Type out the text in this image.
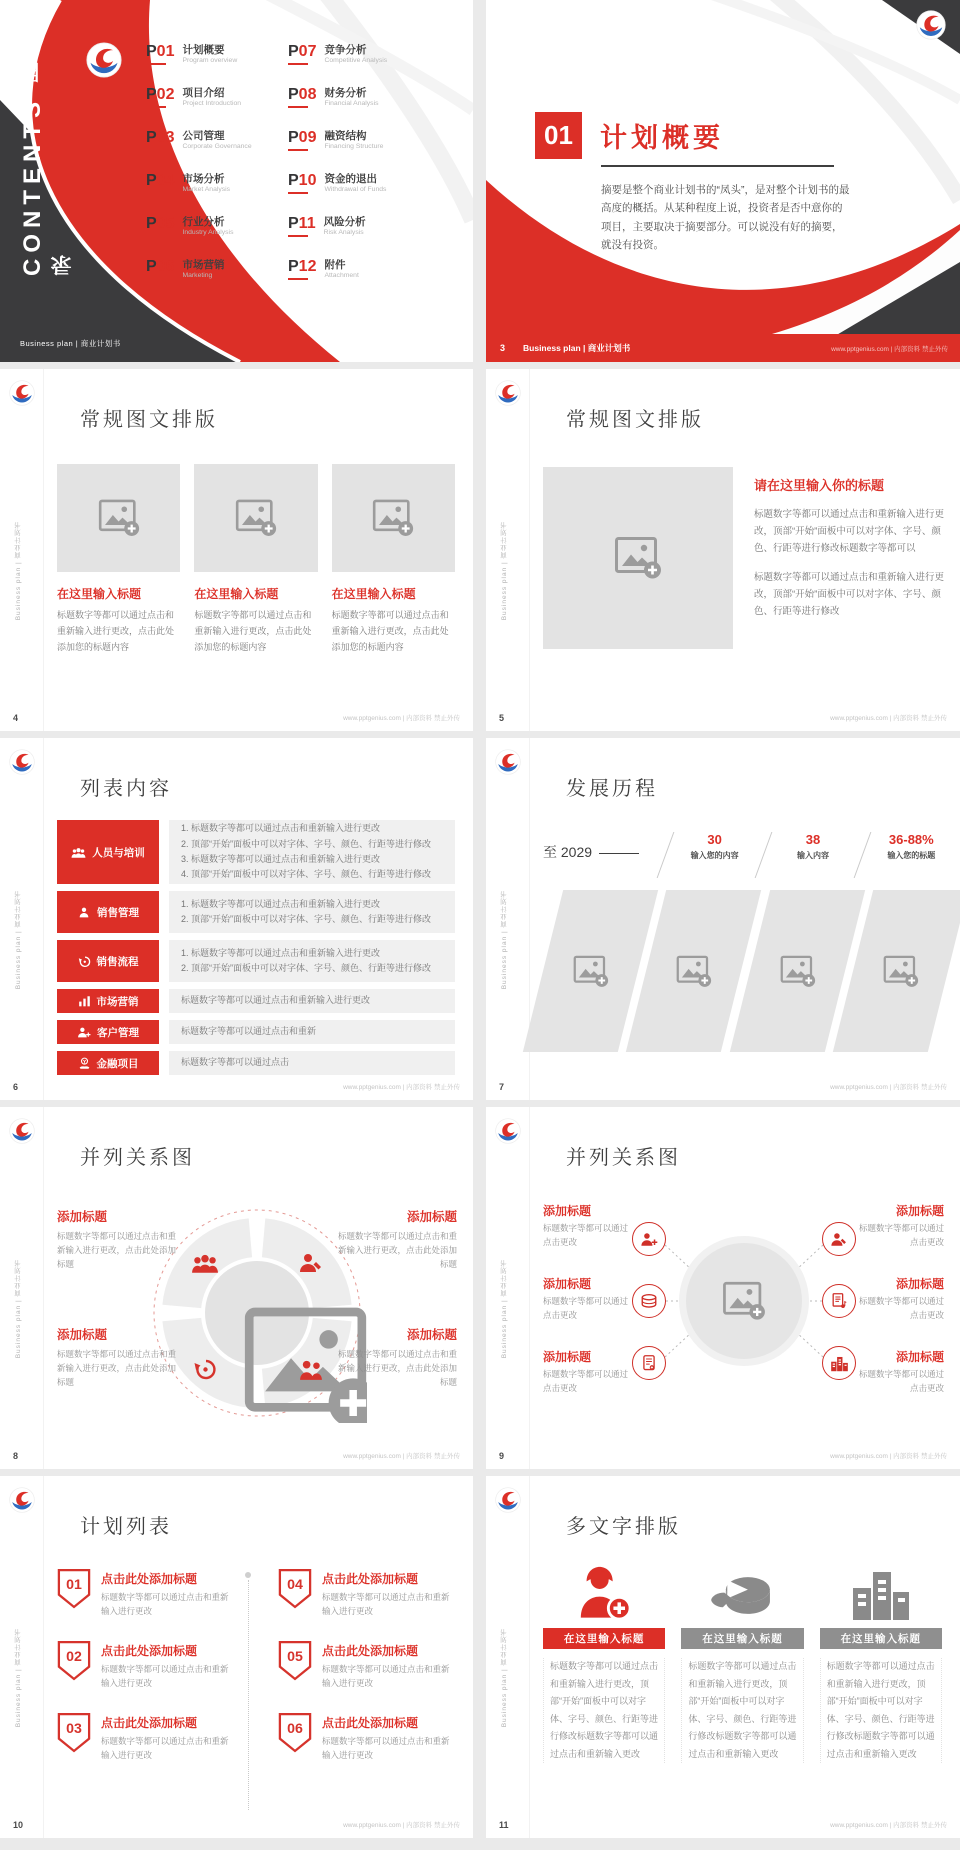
CONTENTS 目录
P01 计划概要
Program overview
P02 项目介绍
Project Introduction
P03 公司管理
Corporate Governance
P04 市场分析
Market Analysis
P05 行业分析
Industry Analysis
P06 市场营销
Marketing
P07 竞争分析
Competitive Analysis
P08 财务分析
Financial Analysis
P09 融资结构
Financing Structure
P10 资金的退出
Withdrawal of Funds
P11 风险分析
Risk Analysis
P12 附件
Attachment
Business plan | 商业计划书
01	计划概要
摘要是整个商业计划书的“凤头”，是对整个计划书的最高度的概括。从某种程度上说，投资者是否中意你的项目，主要取决于摘要部分。可以说没有好的摘要，就没有投资。
3 Business plan | 商业计划书	www.pptgenius.com | 内部资料 禁止外传
Business plan | 商业计划书
常规图文排版
在这里输入标题

标题数字等都可以通过点击和重新输入进行更改，点击此处添加您的标题内容

在这里输入标题

标题数字等都可以通过点击和重新输入进行更改，点击此处添加您的标题内容

在这里输入标题

标题数字等都可以通过点击和重新输入进行更改，点击此处添加您的标题内容

4	www.pptgenius.com | 内部资料 禁止外传
Business plan | 商业计划书
常规图文排版
请在这里输入你的标题

标题数字等都可以通过点击和重新输入进行更改，顶部“开始”面板中可以对字体、字号、颜色、行距等进行修改标题数字等都可以

标题数字等都可以通过点击和重新输入进行更改，顶部“开始”面板中可以对字体、字号、颜色、行距等进行修改

5	www.pptgenius.com | 内部资料 禁止外传
Business plan | 商业计划书
列表内容
人员与培训
1. 标题数字等都可以通过点击和重新输入进行更改
2. 顶部“开始”面板中可以对字体、字号、颜色、行距等进行修改
3. 标题数字等都可以通过点击和重新输入进行更改
4. 顶部“开始”面板中可以对字体、字号、颜色、行距等进行修改
销售管理
1. 标题数字等都可以通过点击和重新输入进行更改
2. 顶部“开始”面板中可以对字体、字号、颜色、行距等进行修改
销售流程
1. 标题数字等都可以通过点击和重新输入进行更改
2. 顶部“开始”面板中可以对字体、字号、颜色、行距等进行修改
市场营销	标题数字等都可以通过点击和重新输入进行更改
客户管理	标题数字等都可以通过点击和重新
金融项目	标题数字等都可以通过点击
6	www.pptgenius.com | 内部资料 禁止外传
Business plan | 商业计划书
发展历程
至 2029
30
输入您的内容
38
输入内容
36-88%
输入您的标题
7	www.pptgenius.com | 内部资料 禁止外传
Business plan | 商业计划书
并列关系图
添加标题

标题数字等都可以通过点击和重新输入进行更改，点击此处添加标题

添加标题

标题数字等都可以通过点击和重新输入进行更改，点击此处添加标题

添加标题

标题数字等都可以通过点击和重新输入进行更改，点击此处添加标题

添加标题

标题数字等都可以通过点击和重新输入进行更改，点击此处添加标题

8	www.pptgenius.com | 内部资料 禁止外传
Business plan | 商业计划书
并列关系图
添加标题

标题数字等都可以通过点击更改

添加标题

标题数字等都可以通过点击更改

添加标题

标题数字等都可以通过点击更改

添加标题

标题数字等都可以通过点击更改

添加标题

标题数字等都可以通过点击更改

添加标题

标题数字等都可以通过点击更改

9	www.pptgenius.com | 内部资料 禁止外传
Business plan | 商业计划书
计划列表
01 点击此处添加标题

标题数字等都可以通过点击和重新输入进行更改

04 点击此处添加标题

标题数字等都可以通过点击和重新输入进行更改

02 点击此处添加标题

标题数字等都可以通过点击和重新输入进行更改

05 点击此处添加标题

标题数字等都可以通过点击和重新输入进行更改

03 点击此处添加标题

标题数字等都可以通过点击和重新输入进行更改

06 点击此处添加标题

标题数字等都可以通过点击和重新输入进行更改

10	www.pptgenius.com | 内部资料 禁止外传
Business plan | 商业计划书
多文字排版
在这里输入标题

标题数字等都可以通过点击和重新输入进行更改，顶部“开始”面板中可以对字体、字号、颜色、行距等进行修改标题数字等都可以通过点击和重新输入更改

在这里输入标题

标题数字等都可以通过点击和重新输入进行更改，顶部“开始”面板中可以对字体、字号、颜色、行距等进行修改标题数字等都可以通过点击和重新输入更改

在这里输入标题

标题数字等都可以通过点击和重新输入进行更改，顶部“开始”面板中可以对字体、字号、颜色、行距等进行修改标题数字等都可以通过点击和重新输入更改

11	www.pptgenius.com | 内部资料 禁止外传
